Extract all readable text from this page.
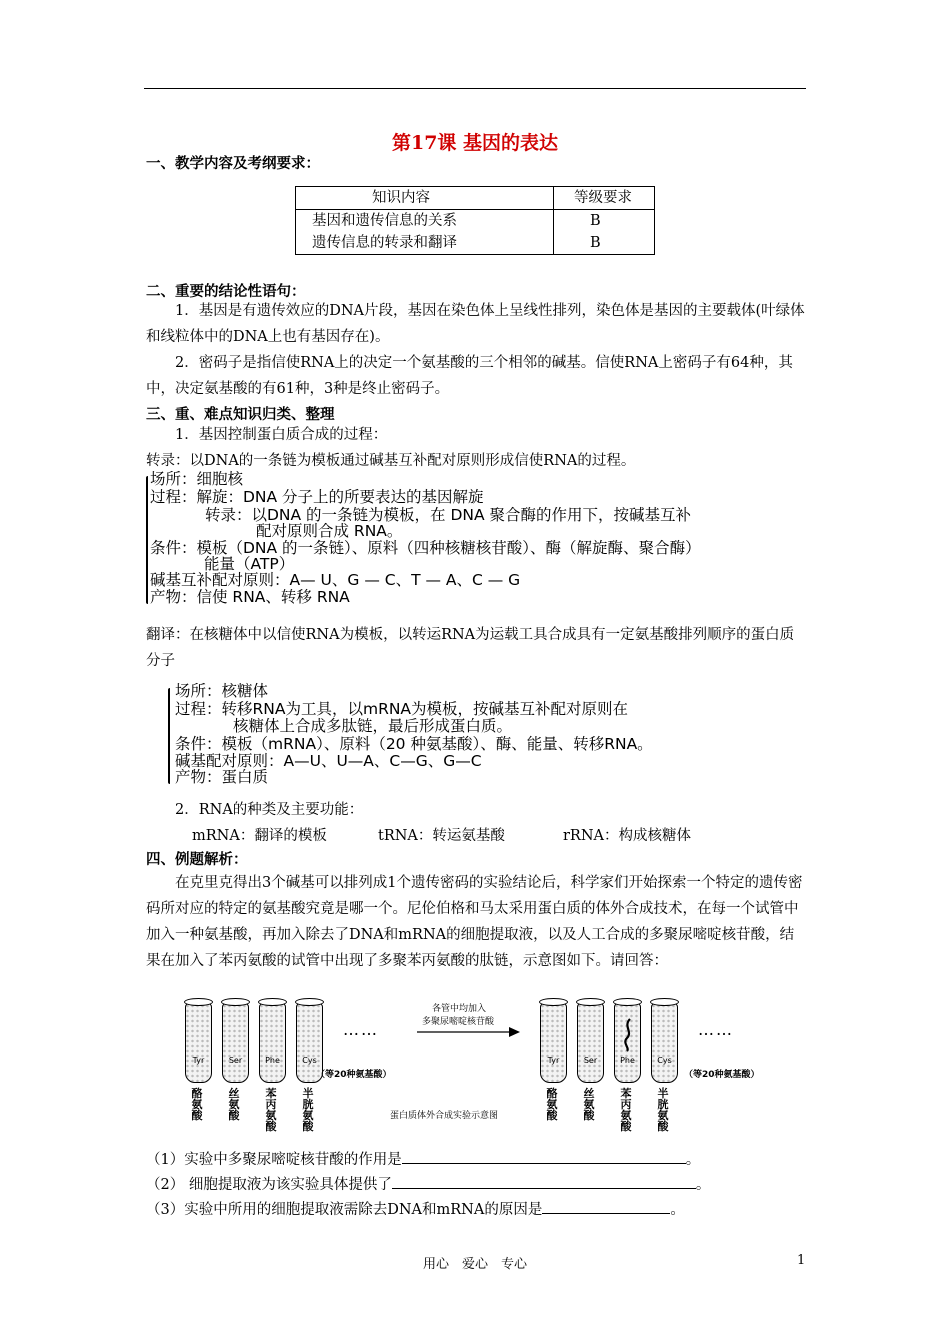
第17课 基因的表达
一、教学内容及考纲要求：
知识内容	等级要求
基因和遗传信息的关系	B
遗传信息的转录和翻译	B
二、重要的结论性语句：
1．基因是有遗传效应的DNA片段，基因在染色体上呈线性排列，染色体是基因的主要载体(叶绿体和线粒体中的DNA上也有基因存在)。
2．密码子是指信使RNA上的决定一个氨基酸的三个相邻的碱基。信使RNA上密码子有64种，其中，决定氨基酸的有61种，3种是终止密码子。
三、重、难点知识归类、整理
1．基因控制蛋白质合成的过程：
转录：以DNA的一条链为模板通过碱基互补配对原则形成信使RNA的过程。
场所：细胞核
过程：解旋：DNA 分子上的所要表达的基因解旋
转录：以DNA 的一条链为模板，在 DNA 聚合酶的作用下，按碱基互补
配对原则合成 RNA。
条件：模板（DNA 的一条链）、原料（四种核糖核苷酸）、酶（解旋酶、聚合酶）
能量（ATP）
碱基互补配对原则：A— U、G — C、T — A、C — G
产物：信使 RNA、转移 RNA
翻译：在核糖体中以信使RNA为模板，以转运RNA为运载工具合成具有一定氨基酸排列顺序的蛋白质分子
场所：核糖体
过程：转移RNA为工具，以mRNA为模板，按碱基互补配对原则在
核糖体上合成多肽链，最后形成蛋白质。
条件：模板（mRNA）、原料（20 种氨基酸）、酶、能量、转移RNA。
碱基配对原则：A—U、U—A、C—G、G—C
产物：蛋白质
2．RNA的种类及主要功能：
mRNA：翻译的模板	tRNA：转运氨基酸	rRNA：构成核糖体
四、例题解析：
在克里克得出3个碱基可以排列成1个遗传密码的实验结论后，科学家们开始探索一个特定的遗传密码所对应的特定的氨基酸究竟是哪一个。尼伦伯格和马太采用蛋白质的体外合成技术，在每一个试管中加入一种氨基酸，再加入除去了DNA和mRNA的细胞提取液，以及人工合成的多聚尿嘧啶核苷酸，结果在加入了苯丙氨酸的试管中出现了多聚苯丙氨酸的肽链，示意图如下。请回答：
Tyr	Ser	Phe	Cys
酪氨酸
丝氨酸
苯丙氨酸
半胱氨酸
……
（等20种氨基酸）
各管中均加入
多聚尿嘧啶核苷酸
Tyr	Ser	Phe	Cys
酪氨酸
丝氨酸
苯丙氨酸
半胱氨酸
……
（等20种氨基酸）
蛋白质体外合成实验示意图
（1）实验中多聚尿嘧啶核苷酸的作用是	。
（2） 细胞提取液为该实验具体提供了	。
（3）实验中所用的细胞提取液需除去DNA和mRNA的原因是	。
用心　爱心　专心	1
